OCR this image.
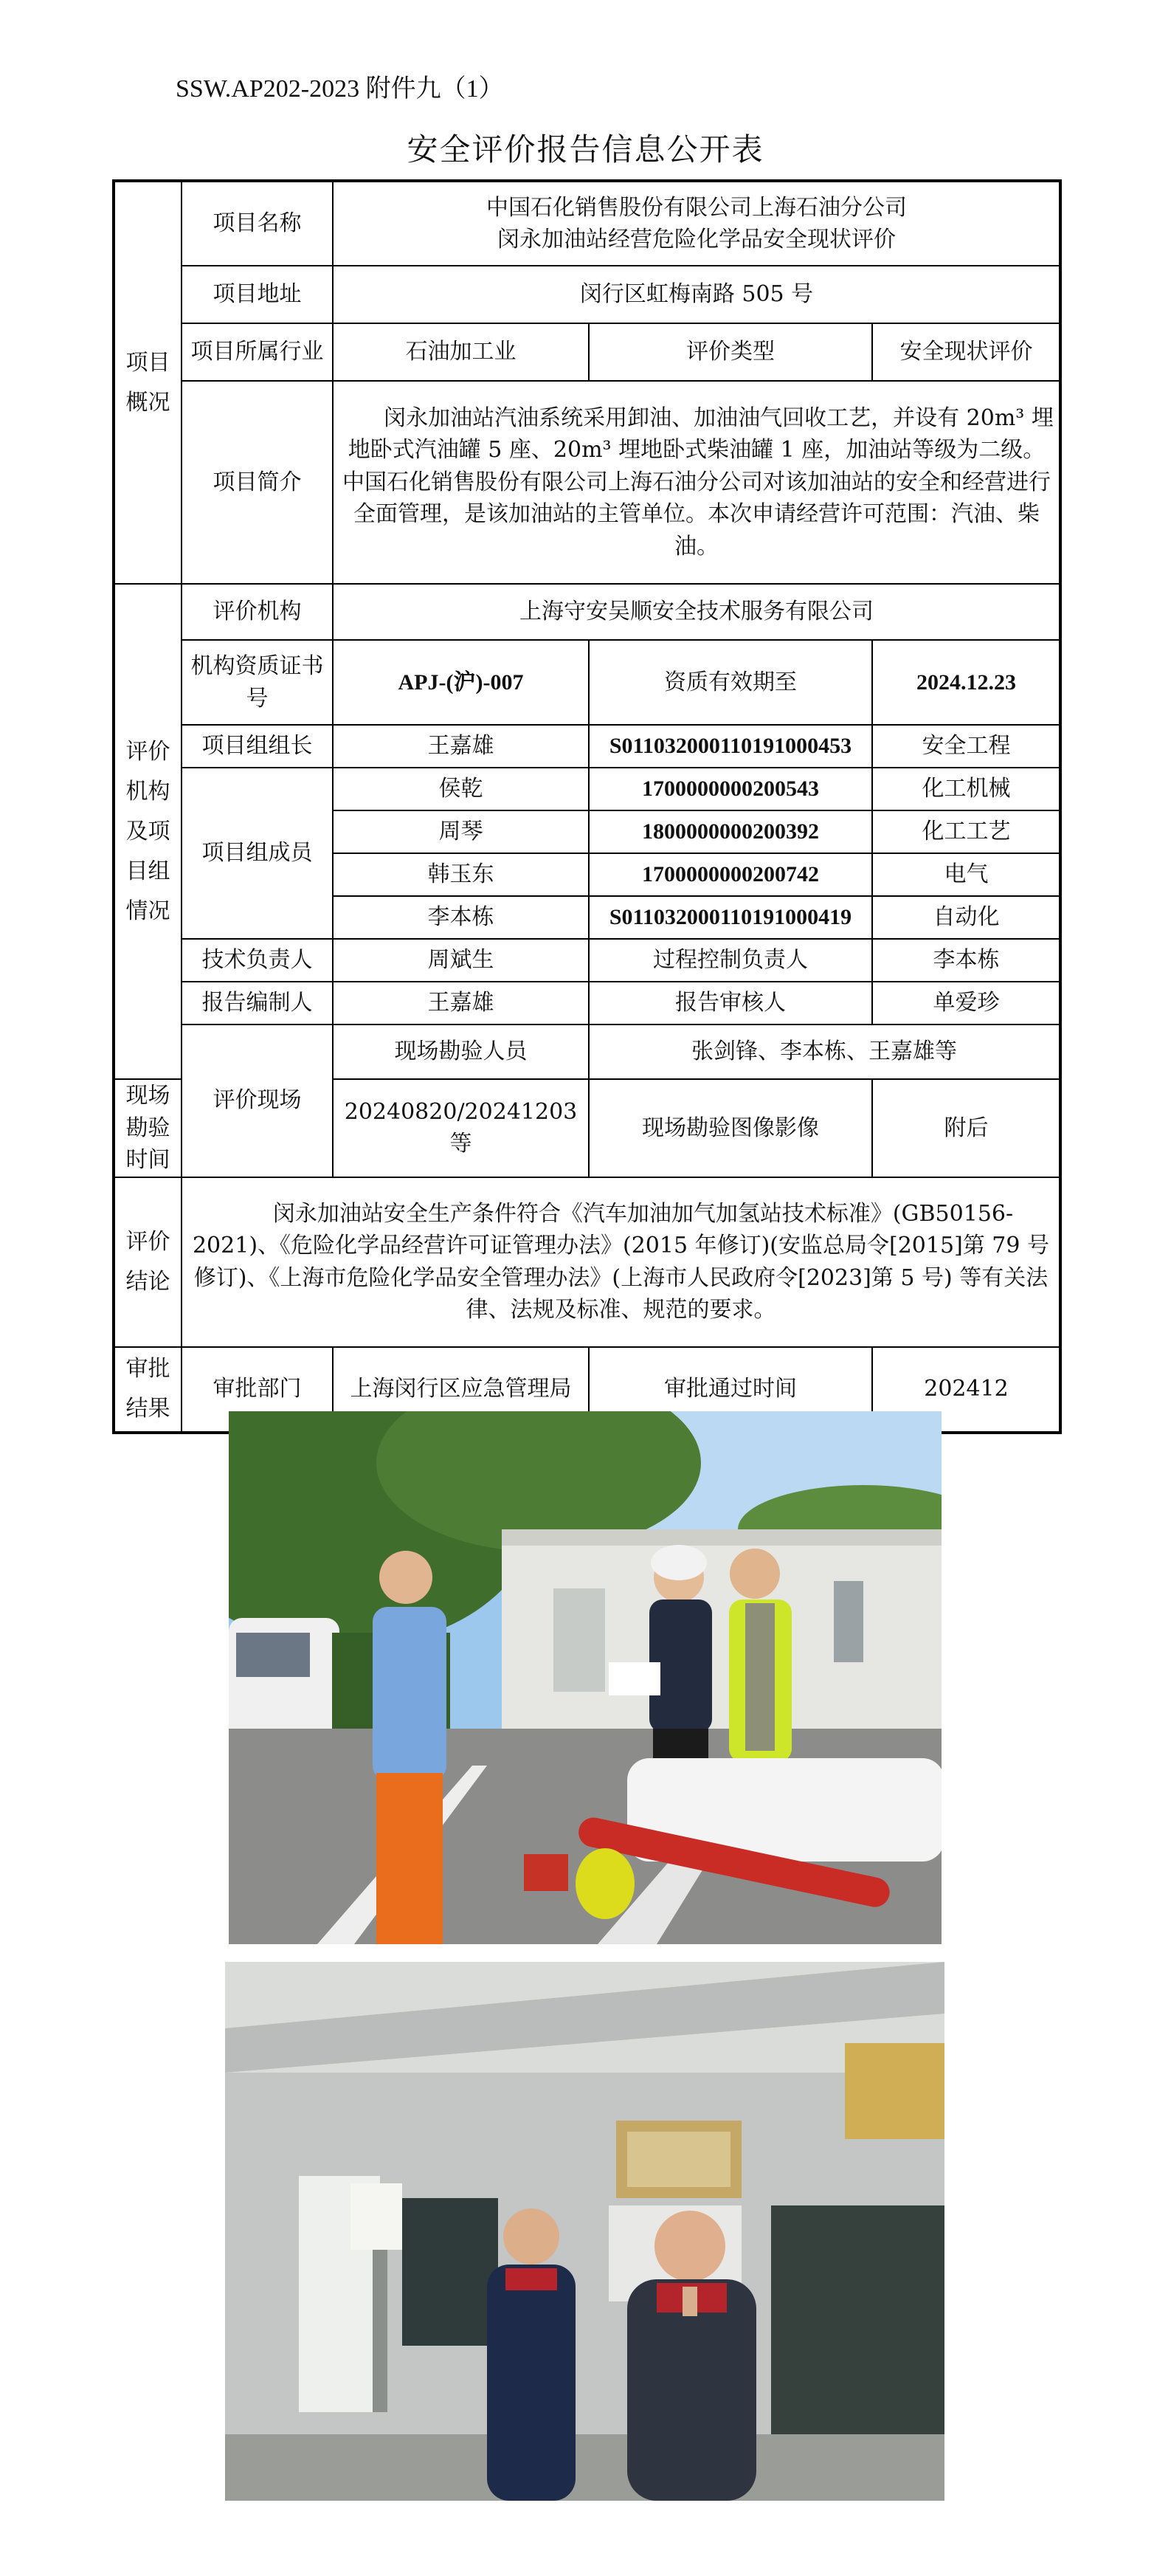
SSW.AP202-2023 附件九（1）
安全评价报告信息公开表
项目概况	项目名称	中国石化销售股份有限公司上海石油分公司
闵永加油站经营危险化学品安全现状评价		

	项目地址	闵行区虹梅南路 505 号		
	项目所属行业	石油加工业	评价类型	安全现状评价
	项目简介	闵永加油站汽油系统采用卸油、加油油气回收工艺，并设有 20m³ 埋地卧式汽油罐 5 座、20m³ 埋地卧式柴油罐 1 座，加油站等级为二级。中国石化销售股份有限公司上海石油分公司对该加油站的安全和经营进行全面管理，是该加油站的主管单位。本次申请经营许可范围：汽油、柴油。		

评价机构及项目组情况	评价机构	上海守安吴顺安全技术服务有限公司		
	机构资质证书号	APJ-(沪)-007	资质有效期至	2024.12.23
	项目组组长	王嘉雄	S011032000110191000453	安全工程
	项目组成员	侯乾	1700000000200543	化工机械
		周琴	1800000000200392	化工工艺
		韩玉东	1700000000200742	电气
		李本栋	S011032000110191000419	自动化
	技术负责人	周斌生	过程控制负责人	李本栋
	报告编制人	王嘉雄	报告审核人	单爱珍
	评价现场	现场勘验人员	张剑锋、李本栋、王嘉雄等	
现场勘验时间		20240820/20241203 等	现场勘验图像影像	附后
评价结论	闵永加油站安全生产条件符合《汽车加油加气加氢站技术标准》(GB50156-2021)、《危险化学品经营许可证管理办法》(2015 年修订)(安监总局令[2015]第 79 号修订)、《上海市危险化学品安全管理办法》(上海市人民政府令[2023]第 5 号) 等有关法律、法规及标准、规范的要求。			

审批结果	审批部门	上海闵行区应急管理局	审批通过时间	202412
